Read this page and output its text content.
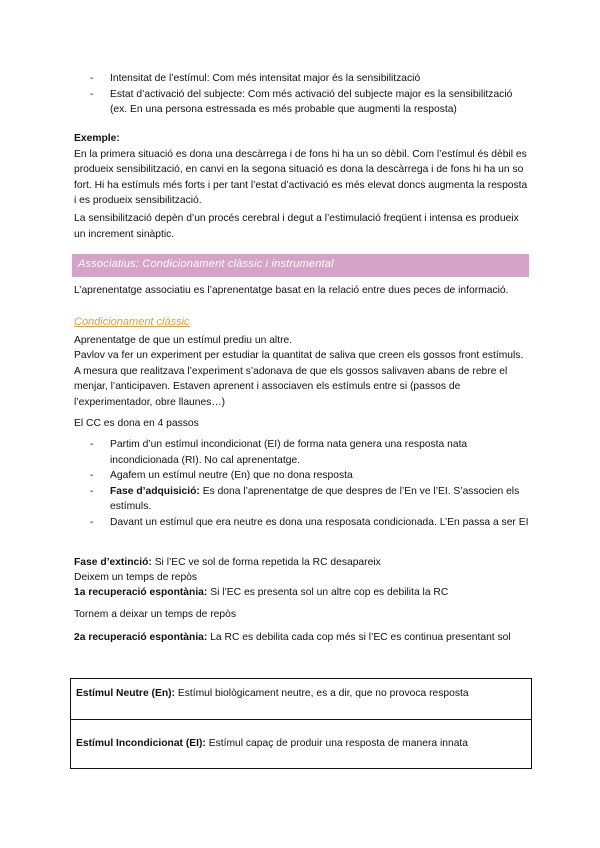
- Intensitat de l’estímul: Com més intensitat major és la sensibilització
- Estat d’activació del subjecte: Com més activació del subjecte major es la sensibilització (ex. En una persona estressada es més probable que augmenti la resposta)
Exemple:
En la primera situació es dona una descàrrega i de fons hi ha un so dèbil. Com l’estímul és dèbil es produeix sensibilització, en canvi en la segona situació es dona la descàrrega i de fons hi ha un so fort. Hi ha estímuls més forts i per tant l’estat d’activació es més elevat doncs augmenta la resposta i es produeix sensibilització.
La sensibilització depèn d’un procés cerebral i degut a l’estimulació freqüent i intensa es produeix un increment sinàptic.
Associatius: Condicionament clàssic i instrumental
L’aprenentatge associatiu es l’aprenentatge basat en la relació entre dues peces de informació.
Condicionament clàssic
Aprenentatge de que un estímul prediu un altre.
Pavlov va fer un experiment per estudiar la quantitat de saliva que creen els gossos front estímuls. A mesura que realitzava l’experiment s’adonava de que els gossos salivaven abans de rebre el menjar, l’anticipaven. Estaven aprenent i associaven els estímuls entre si (passos de l’experimentador, obre llaunes…)
El CC es dona en 4 passos
- Partim d’un estímul incondicionat (EI) de forma nata genera una resposta nata incondicionada (RI). No cal aprenentatge.
- Agafem un estímul neutre (En) que no dona resposta
- Fase d’adquisició: Es dona l’aprenentatge de que despres de l’En ve l’EI. S’associen els estímuls.
- Davant un estímul que era neutre es dona una resposata condicionada. L’En passa a ser EI
Fase d’extinció: Si l’EC ve sol de forma repetida la RC desapareix
Deixem un temps de repòs
1a recuperació espontània: Si l’EC es presenta sol un altre cop es debilita la RC
Tornem a deixar un temps de repòs
2a recuperació espontània: La RC es debilita cada cop més si l’EC es continua presentant sol
Estímul Neutre (En): Estímul biològicament neutre, es a dir, que no provoca resposta
Estímul Incondicionat (EI): Estímul capaç de produir una resposta de manera innata
